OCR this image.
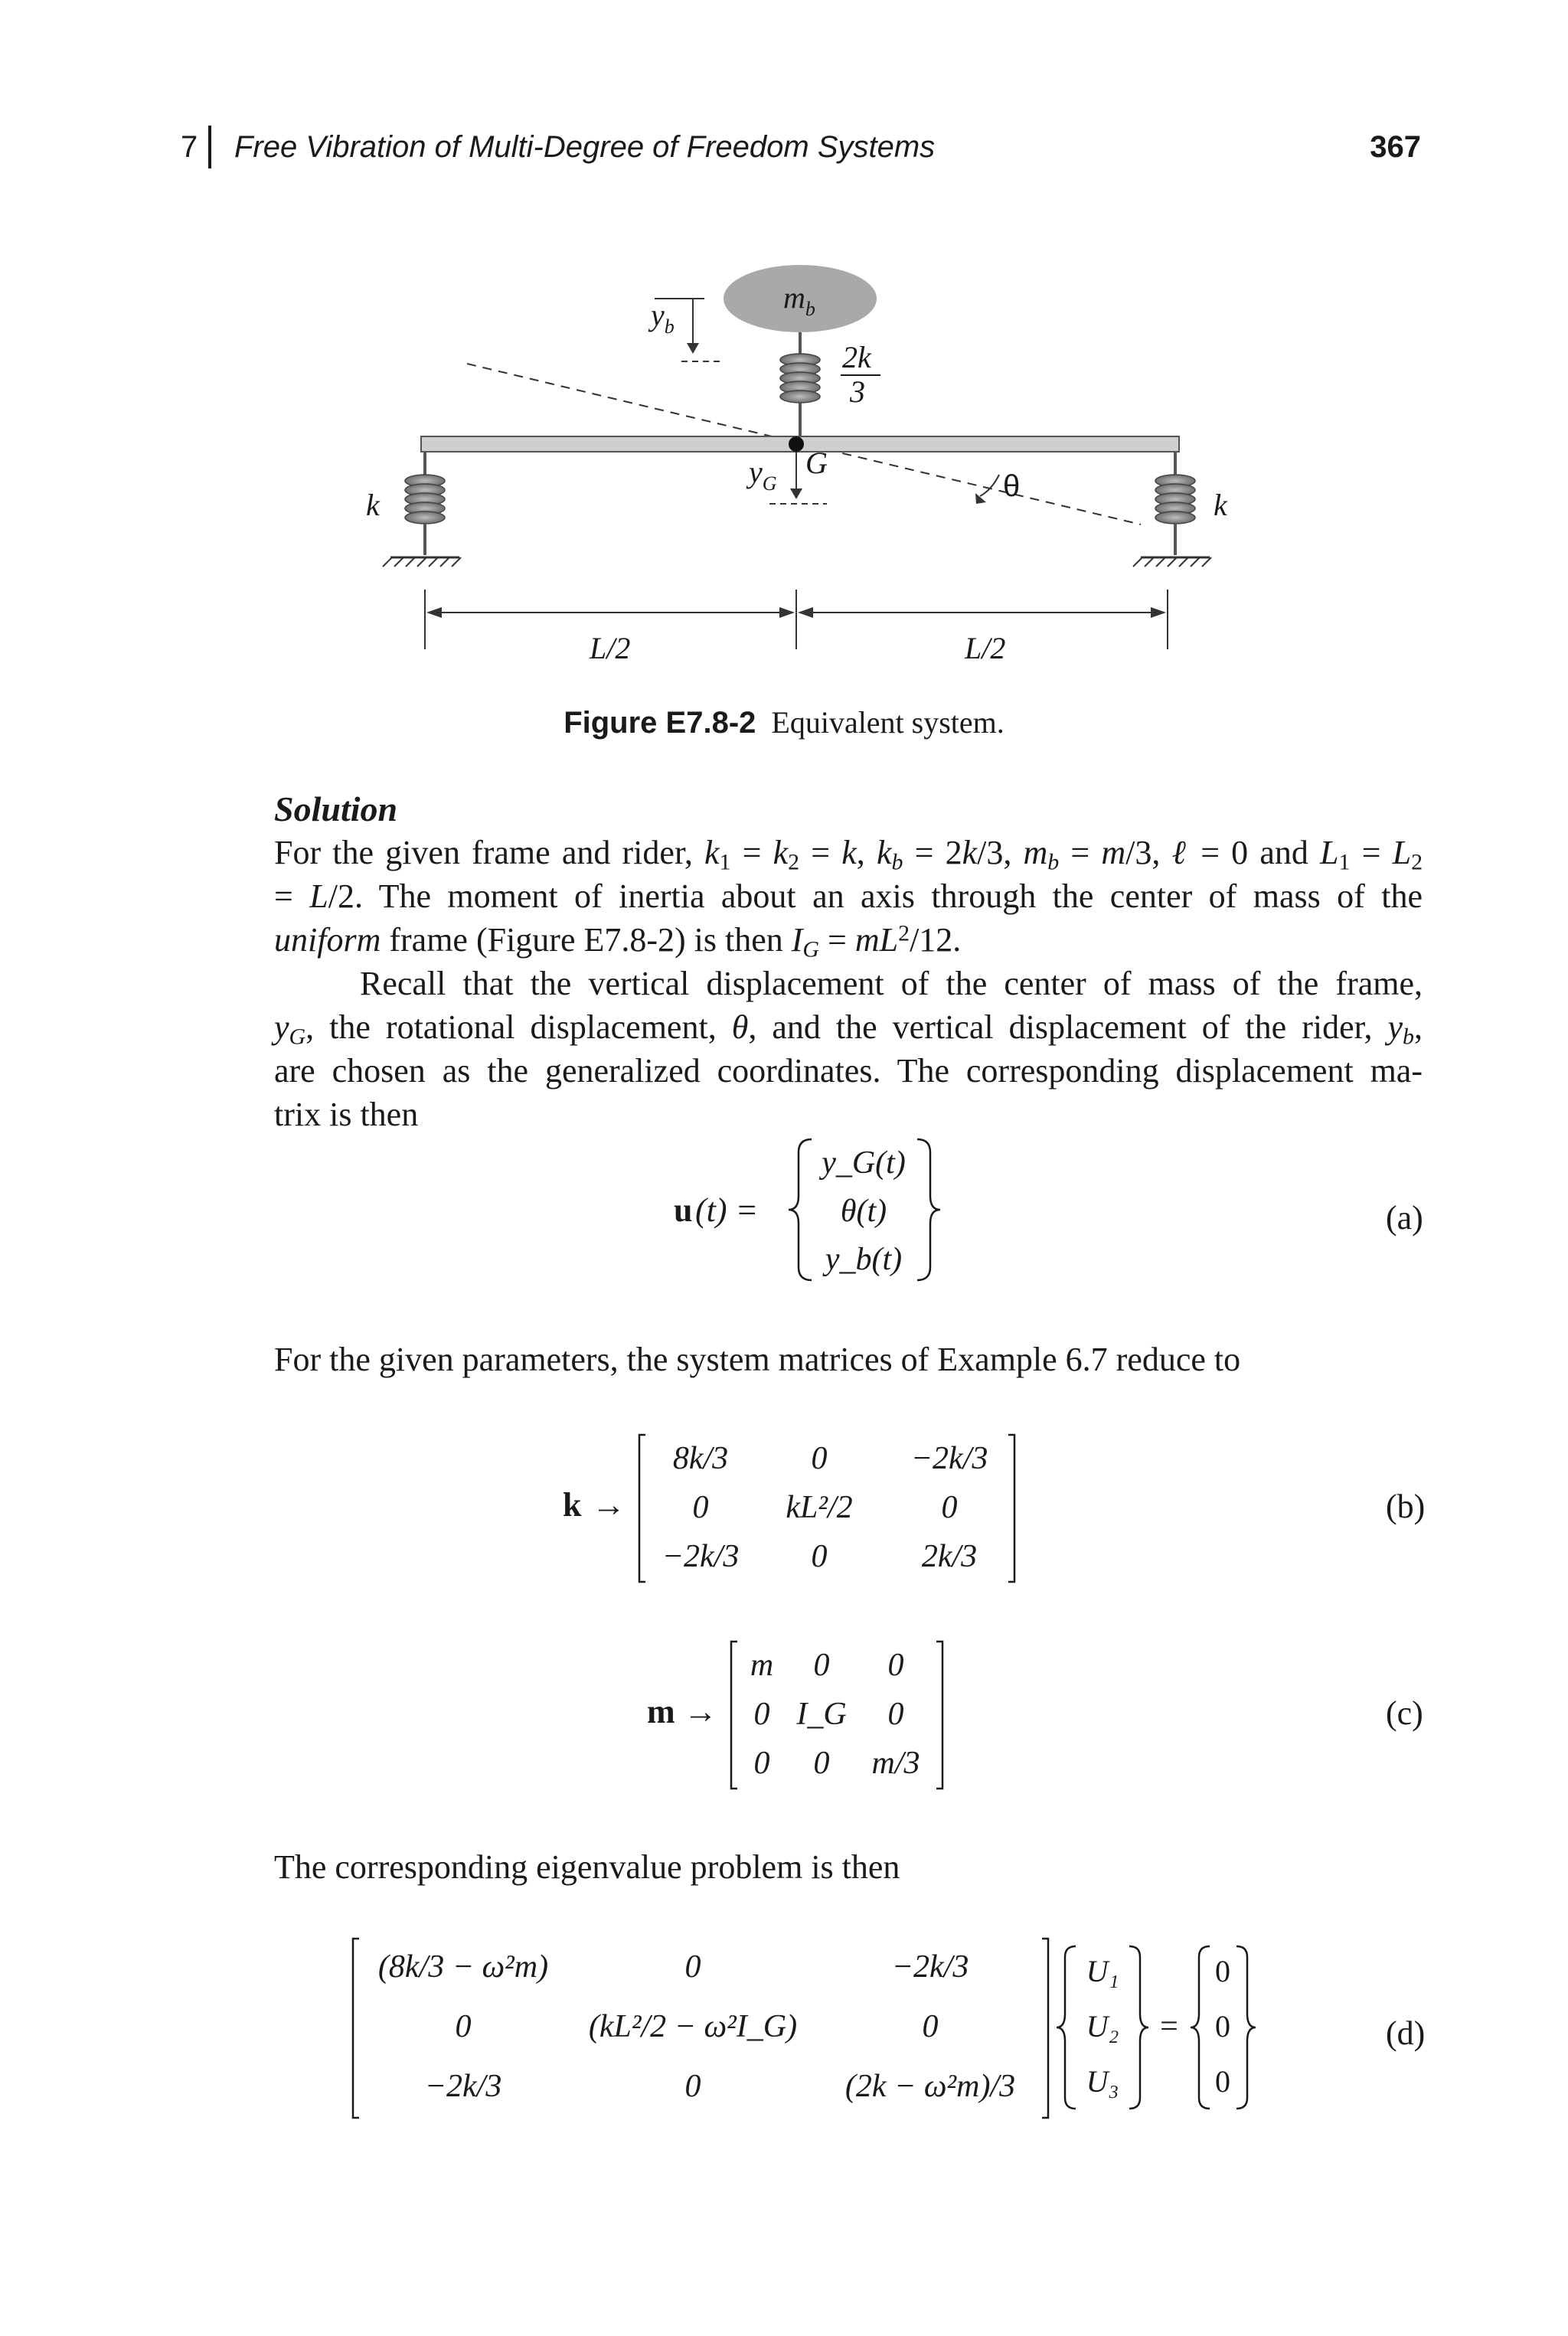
7 Free Vibration of Multi-Degree of Freedom Systems	367
$m_b$
2k
3
$y_b$
G
$y_G$	θ
k	k
L/2	L/2
Figure E7.8-2 Equivalent system.
Solution
For the given frame and rider, $k_1 = k_2 = k$, $k_b = 2k/3$, $m_b = m/3$, ℓ = 0 and $L_1 = L_2$
= L/2. The moment of inertia about an axis through the center of mass of the
uniform frame (Figure E7.8-2) is then $I_G = mL^2/12$.
Recall that the vertical displacement of the center of mass of the frame,
$y_G$, the rotational displacement, θ, and the vertical displacement of the rider, $y_b$,
are chosen as the generalized coordinates. The corresponding displacement ma-
trix is then
u (t) =
y_G(t)
θ(t)
y_b(t)
(a)
For the given parameters, the system matrices of Example 6.7 reduce to
k →
8k/3	0	−2k/3
0 kL²/2	0
−2k/3 0	2k/3
(b)
m →
m 0 0
0 I_G 0
0 0 m/3
(c)
The corresponding eigenvalue problem is then
(8k/3 − ω²m)	0	−2k/3
0	(kL²/2 − ω²I_G)	0
−2k/3	0	(2k − ω²m)/3
U₁
U₂
U₃
=
0
0
0
(d)
